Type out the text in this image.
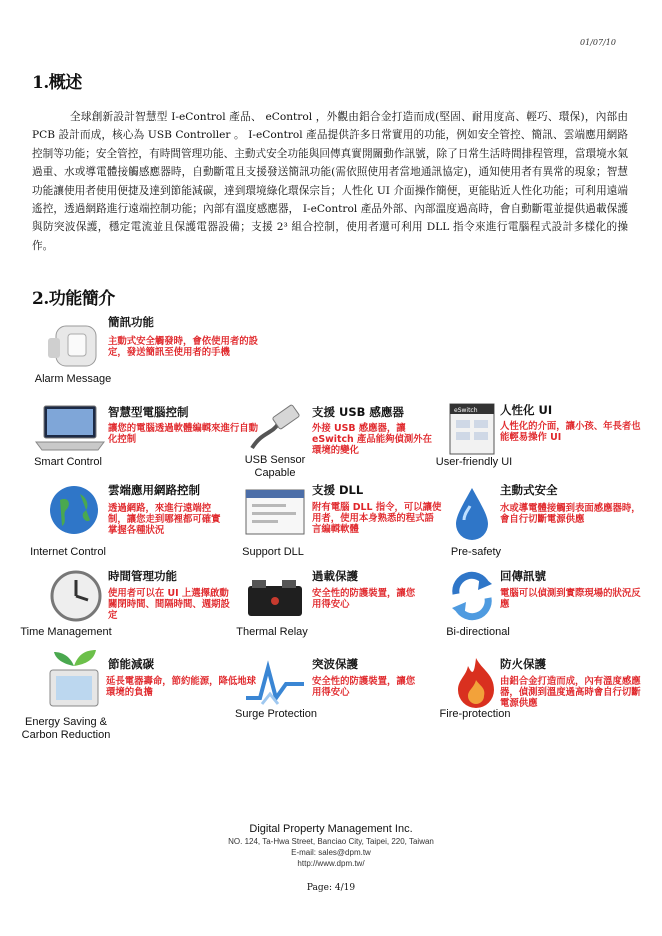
01/07/10
1.概述

全球創新設計智慧型 I-eControl 產品、 eControl ，外觀由鋁合金打造而成(堅固、耐用度高、輕巧、環保)，內部由 PCB 設計而成，核心為 USB Controller 。 I-eControl 產品提供許多日常實用的功能，例如安全管控、簡訊、雲端應用網路控制等功能；安全管控，有時間管理功能、主動式安全功能與回傳真實開關動作訊號，除了日常生活時間排程管理，當環境水氣過重、水或導電體接觸感應器時，自動斷電且支援發送簡訊功能(需依照使用者當地通訊協定)，通知使用者有異常的現象；智慧功能讓使用者使用便捷及達到節能減碳，達到環境綠化環保宗旨；人性化 UI 介面操作簡便，更能貼近人性化功能；可利用遠端遙控，透過網路進行遠端控制功能；內部有溫度感應器， I-eControl 產品外部、內部溫度過高時，會自動斷電並提供過載保護與防突波保護，穩定電流並且保護電器設備；支援 2³ 組合控制，使用者還可利用 DLL 指令來進行電腦程式設計多樣化的操作。

2.功能簡介
簡訊功能
主動式安全觸發時，會依使用者的設定，發送簡訊至使用者的手機
Alarm Message
智慧型電腦控制
讓您的電腦透過軟體編輯來進行自動化控制
Smart Control
支援 USB 感應器
外接 USB 感應器，讓 eSwitch 產品能夠偵測外在環境的變化
USB Sensor Capable
eSwitch 人性化 UI
人性化的介面，讓小孩、年長者也能輕易操作 UI
User-friendly UI
雲端應用網路控制
透過網路，來進行遠端控制，讓您走到哪裡都可確實掌握各種狀況
Internet Control
支援 DLL
附有電腦 DLL 指令，可以讓使用者，使用本身熟悉的程式語言編輯軟體
Support DLL
主動式安全
水或導電體接觸到表面感應器時，會自行切斷電源供應
Pre-safety
時間管理功能
使用者可以在 UI 上選擇啟動關閉時間、間隔時間、週期設定
Time Management
過載保護
安全性的防護裝置，讓您用得安心
Thermal Relay
回傳訊號
電腦可以偵測到實際現場的狀況反應
Bi-directional
節能減碳
延長電器壽命，節約能源，降低地球環境的負擔
Energy Saving & Carbon Reduction
突波保護
安全性的防護裝置，讓您用得安心
Surge Protection
防火保護
由鋁合金打造而成，內有溫度感應器，偵測到溫度過高時會自行切斷電源供應
Fire-protection
Digital Property Management Inc.
NO. 124, Ta-Hwa Street, Banciao City, Taipei, 220, Taiwan
E-mail: sales@dpm.tw
http://www.dpm.tw/
Page: 4/19
